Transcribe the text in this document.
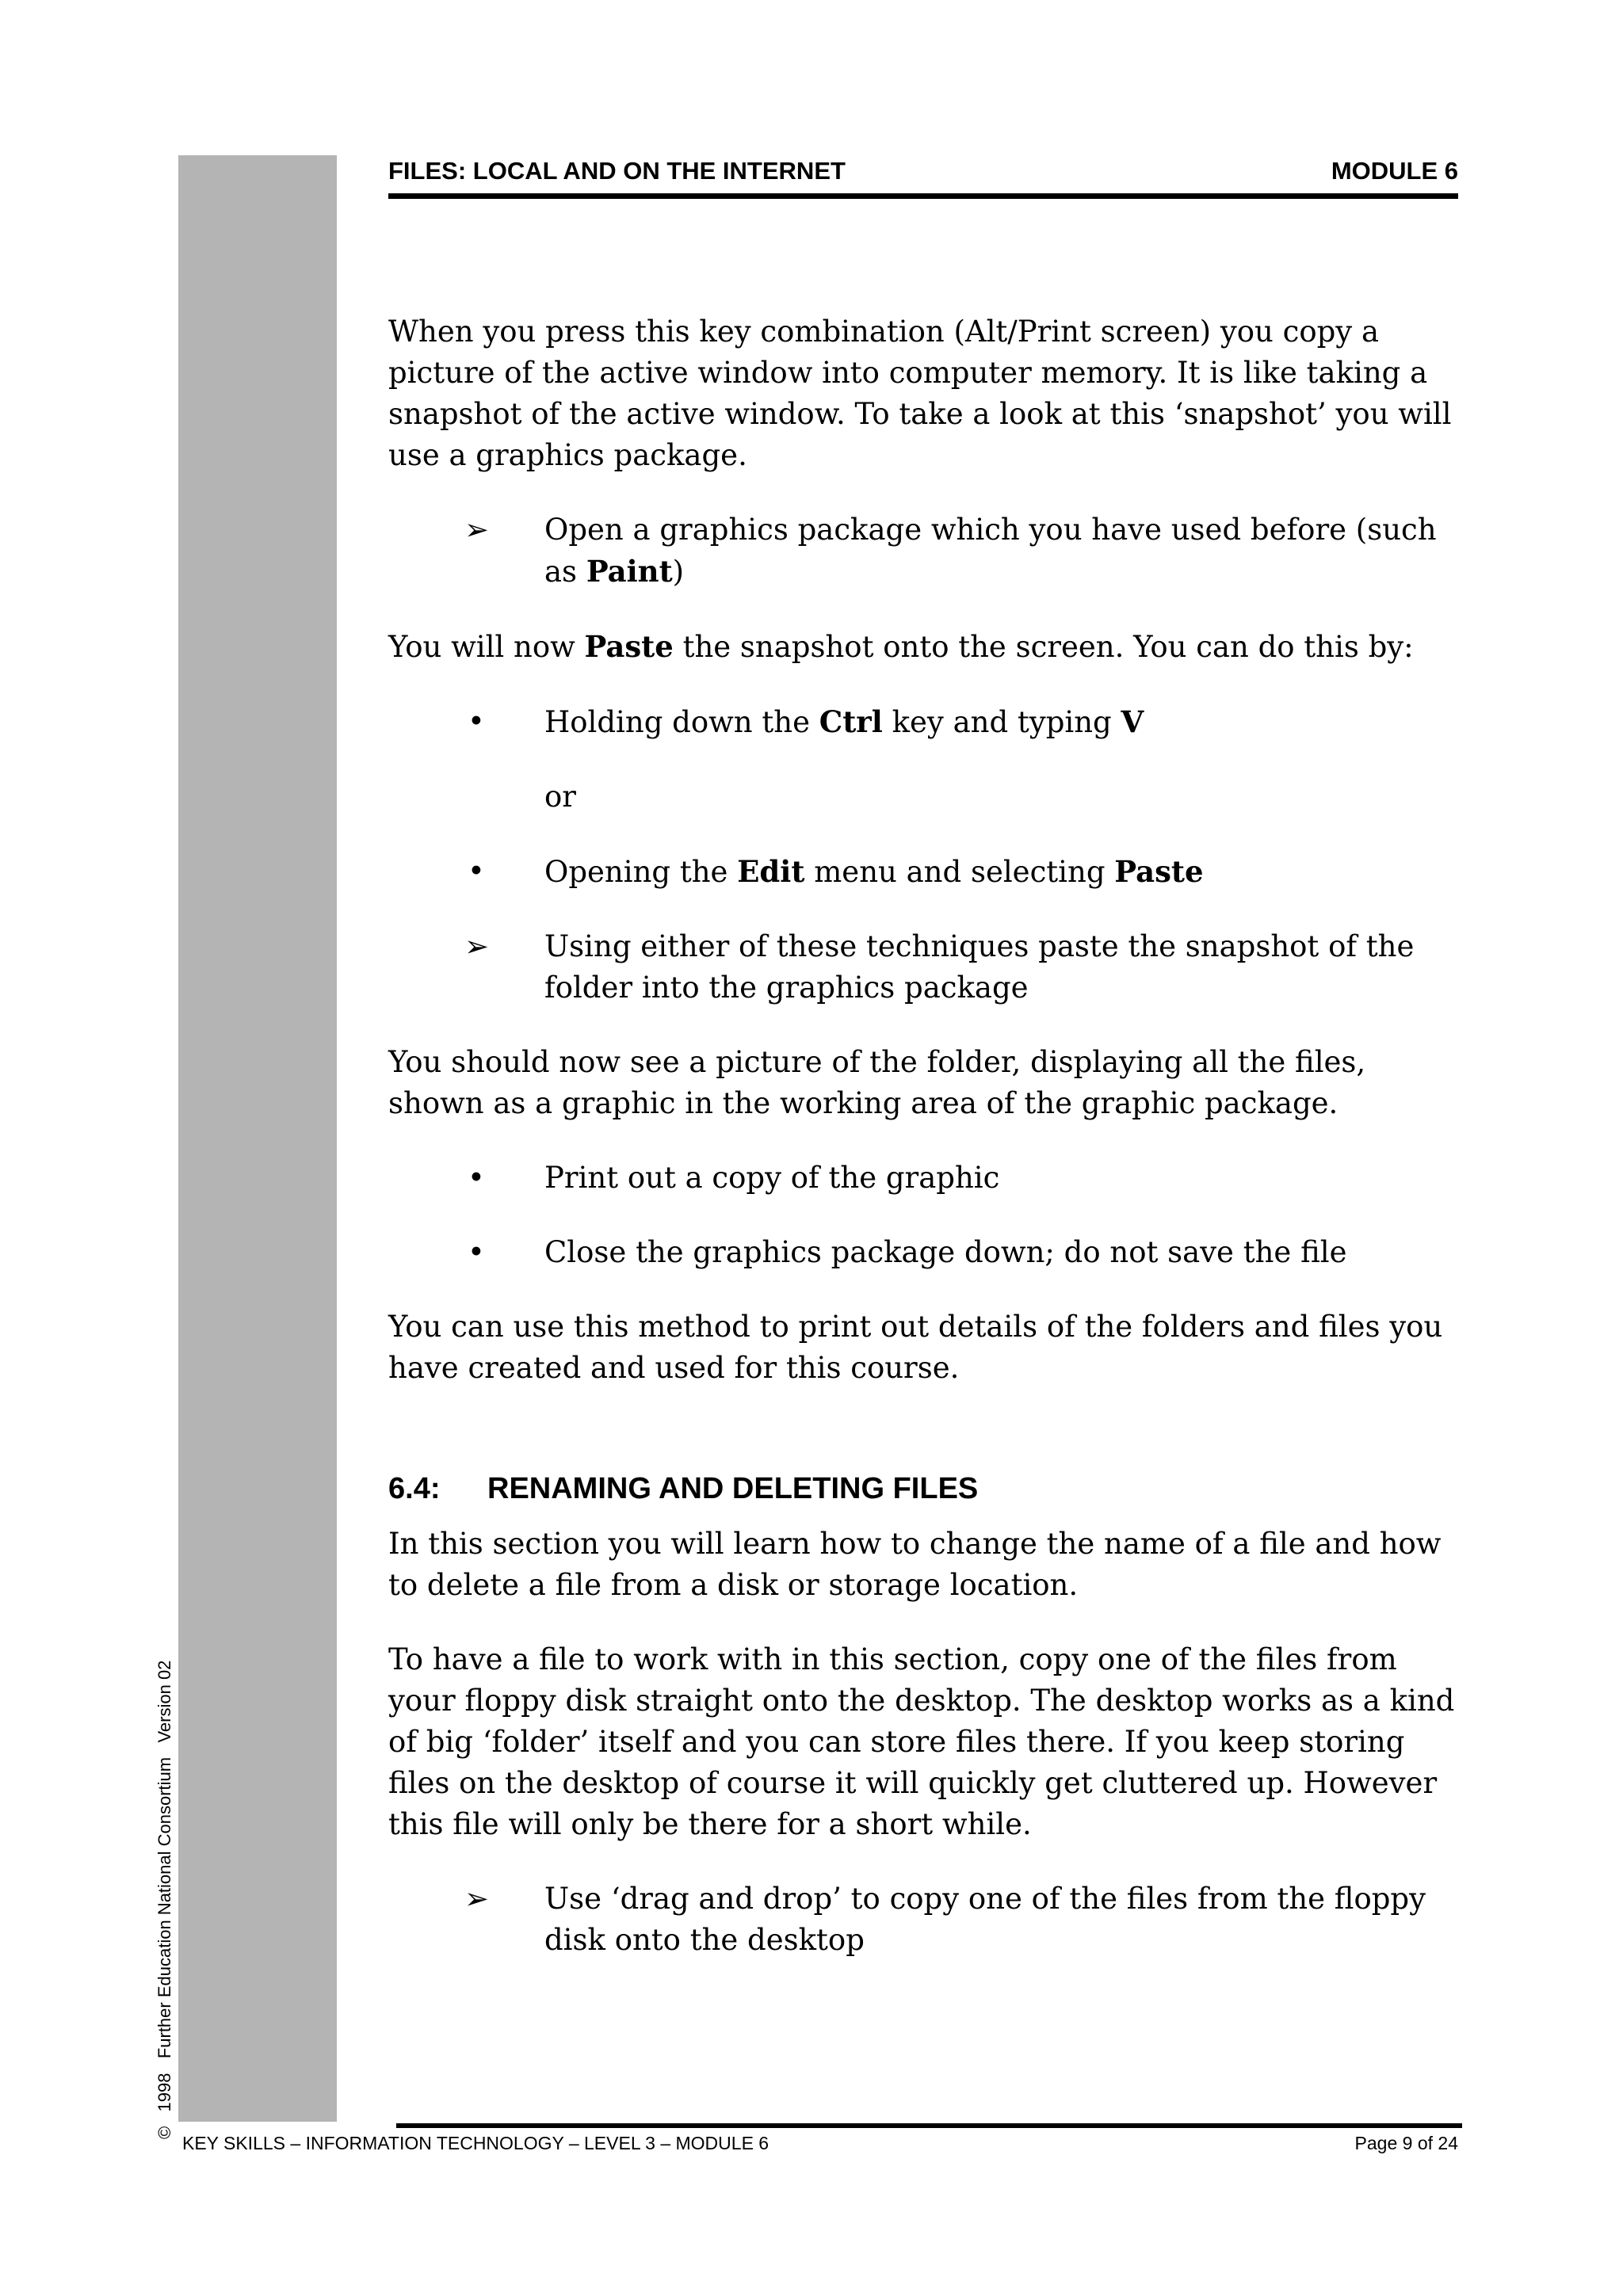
©   1998   Further Education National Consortium   Version 02
FILES: LOCAL AND ON THE INTERNET	MODULE 6

When you press this key combination (Alt/Print screen) you copy a picture of the active window into computer memory. It is like taking a snapshot of the active window. To take a look at this ‘snapshot’ you will use a graphics package.

➢ Open a graphics package which you have used before (such as Paint)

You will now Paste the snapshot onto the screen. You can do this by:

• Holding down the Ctrl key and typing V
or
• Opening the Edit menu and selecting Paste
➢ Using either of these techniques paste the snapshot of the folder into the graphics package

You should now see a picture of the folder, displaying all the files, shown as a graphic in the working area of the graphic package.

• Print out a copy of the graphic
• Close the graphics package down; do not save the file

You can use this method to print out details of the folders and files you have created and used for this course.

6.4: RENAMING AND DELETING FILES

In this section you will learn how to change the name of a file and how to delete a file from a disk or storage location.

To have a file to work with in this section, copy one of the files from your floppy disk straight onto the desktop. The desktop works as a kind of big ‘folder’ itself and you can store files there. If you keep storing files on the desktop of course it will quickly get cluttered up. However this file will only be there for a short while.

➢ Use ‘drag and drop’ to copy one of the files from the floppy disk onto the desktop
KEY SKILLS – INFORMATION TECHNOLOGY – LEVEL 3 – MODULE 6	Page 9 of 24
